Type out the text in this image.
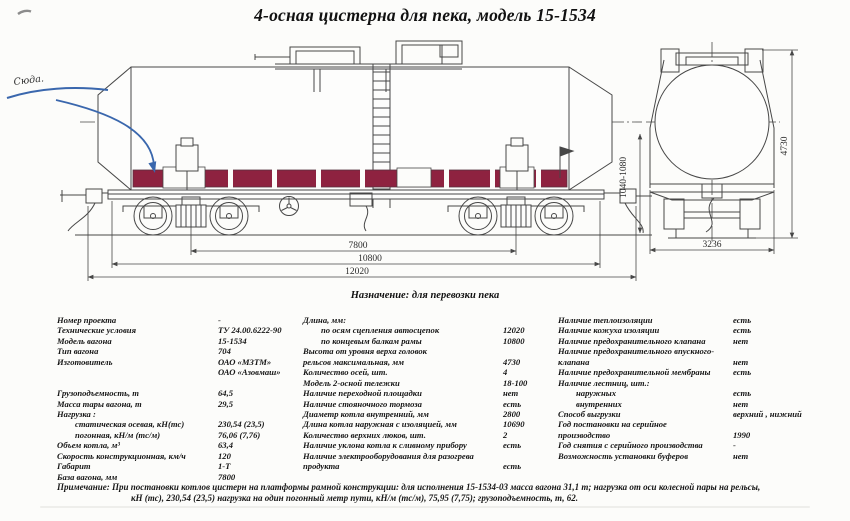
4-осная цистерна для пека, модель 15-1534
7800
10800
12020
1040-1080
4730
3236
Сюда.
Назначение: для перевозки пека
Номер проекта	-
Технические условия	ТУ 24.00.6222-90
Модель вагона	15-1534
Тип вагона	704
Изготовитель	ОАО «МЗТМ»
ОАО «Азовмаш»
Грузоподъемность, т	64,5
Масса тары вагона, т	29,5
Нагрузка :
статическая осевая, кН(тс)	230,54 (23,5)
погонная, кН/м (тс/м)	76,06 (7,76)
Объем котла, м³	63,4
Скорость конструкционная, км/ч	120
Габарит	1-Т
База вагона, мм	7800
Длина, мм:
по осям сцепления автосцепок	12020
по концевым балкам рамы	10800
Высота от уровня верха головок
рельсов максимальная, мм	4730
Количество осей, шт.	4
Модель 2-осной тележки	18-100
Наличие переходной площадки	нет
Наличие стояночного тормоза	есть
Диаметр котла внутренний, мм	2800
Длина котла наружная с изоляцией, мм	10690
Количество верхних люков, шт.	2
Наличие уклона котла к сливному прибору	есть
Наличие электрооборудования для разогрева
продукта	есть
Наличие теплоизоляции	есть
Наличие кожуха изоляции	есть
Наличие предохранительного клапана	нет
Наличие предохранительного впускного-
клапана	нет
Наличие предохранительной мембраны	есть
Наличие лестниц, шт.:
наружных	есть
внутренних	нет
Способ выгрузки	верхний , нижний
Год постановки на серийное
производство	1990
Год снятия с серийного производства	-
Возможность установки буферов	нет
Примечание: При постановки котлов цистерн на платформы рамной конструкции: для исполнения 15-1534-03 масса вагона 31,1 т; нагрузка от оси колесной пары на рельсы,
кН (тс), 230,54 (23,5) нагрузка на один погонный метр пути, кН/м (тс/м), 75,95 (7,75); грузоподъемность, т, 62.
